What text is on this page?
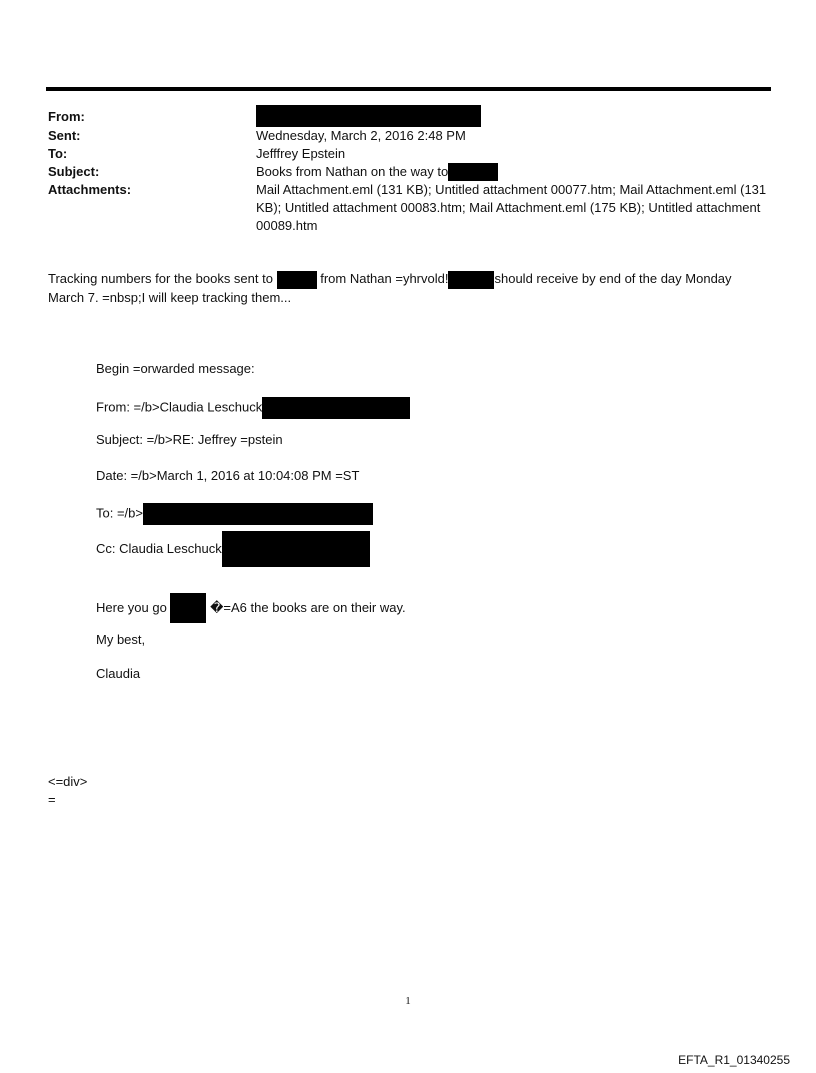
From:
Sent:	Wednesday, March 2, 2016 2:48 PM
To:	Jefffrey Epstein
Subject:	Books from Nathan on the way to
Attachments:	Mail Attachment.eml (131 KB); Untitled attachment 00077.htm; Mail Attachment.eml (131 KB); Untitled attachment 00083.htm; Mail Attachment.eml (175 KB); Untitled attachment 00089.htm
Tracking numbers for the books sent to	from Nathan =yhrvold!	should receive by end of the day Monday March 7. =nbsp;I will keep tracking them...
Begin =orwarded message:
From: =/b>Claudia Leschuck
Subject: =/b>RE: Jeffrey =pstein
Date: =/b>March 1, 2016 at 10:04:08 PM =ST
To: =/b>
Cc: Claudia Leschuck
Here you go	�=A6 the books are on their way.
My best,
Claudia
<=div>
=
1
EFTA_R1_01340255
